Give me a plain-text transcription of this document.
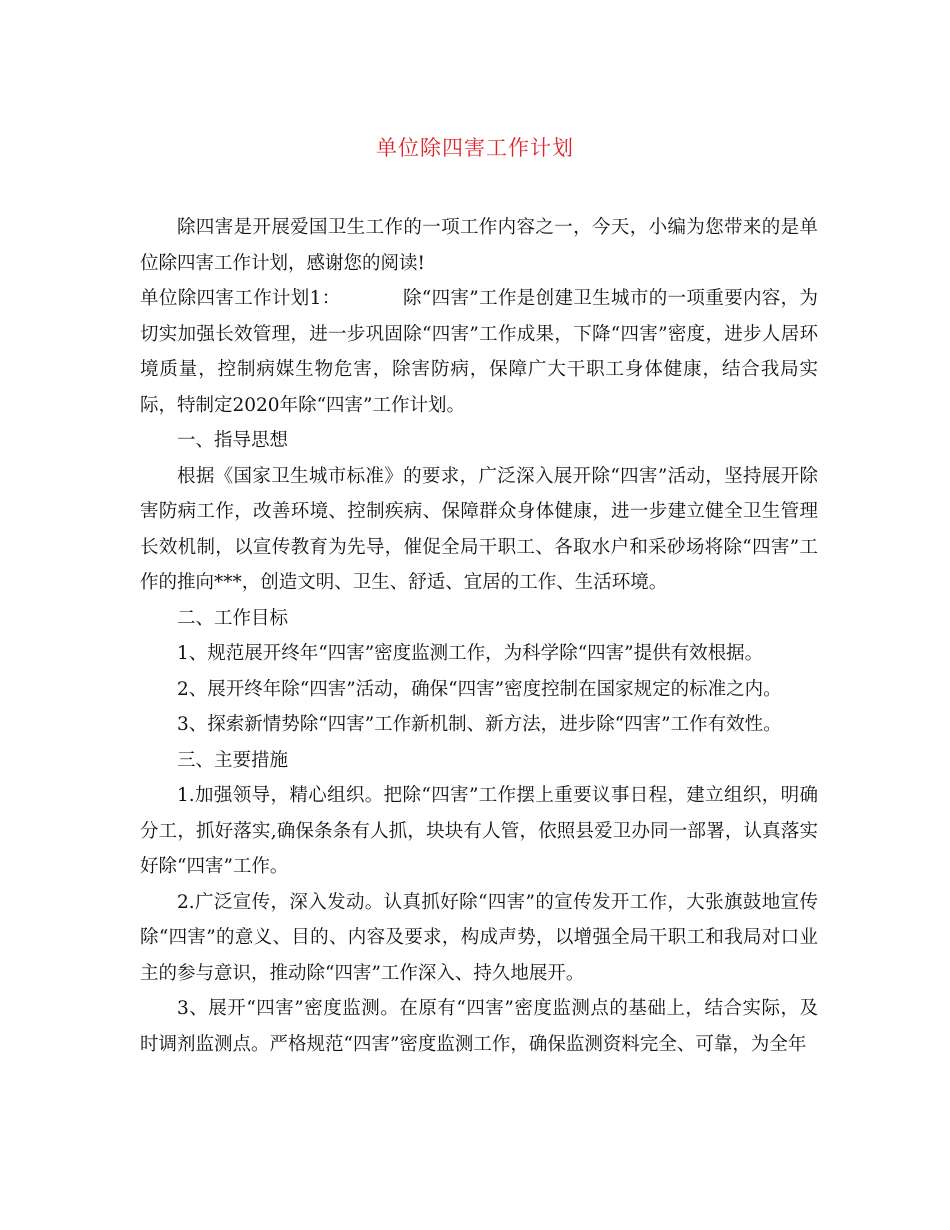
单位除四害工作计划

除四害是开展爱国卫生工作的一项工作内容之一，今天，小编为您带来的是单位除四害工作计划，感谢您的阅读!

单位除四害工作计划1：	除“四害”工作是创建卫生城市的一项重要内容，为切实加强长效管理，进一步巩固除“四害”工作成果，下降“四害”密度，进步人居环境质量，控制病媒生物危害，除害防病，保障广大干职工身体健康，结合我局实际，特制定2020年除“四害”工作计划。

一、指导思想

根据《国家卫生城市标准》的要求，广泛深入展开除“四害”活动，坚持展开除害防病工作，改善环境、控制疾病、保障群众身体健康，进一步建立健全卫生管理长效机制，以宣传教育为先导，催促全局干职工、各取水户和采砂场将除“四害”工作的推向***，创造文明、卫生、舒适、宜居的工作、生活环境。

二、工作目标

1、规范展开终年“四害”密度监测工作，为科学除“四害”提供有效根据。

2、展开终年除“四害”活动，确保“四害”密度控制在国家规定的标准之内。

3、探索新情势除“四害”工作新机制、新方法，进步除“四害”工作有效性。

三、主要措施

1.加强领导，精心组织。把除“四害”工作摆上重要议事日程，建立组织，明确分工，抓好落实,确保条条有人抓，块块有人管，依照县爱卫办同一部署，认真落实好除“四害”工作。

2.广泛宣传，深入发动。认真抓好除“四害”的宣传发开工作，大张旗鼓地宣传除“四害”的意义、目的、内容及要求，构成声势，以增强全局干职工和我局对口业主的参与意识，推动除“四害”工作深入、持久地展开。

3、展开“四害”密度监测。在原有“四害”密度监测点的基础上，结合实际，及时调剂监测点。严格规范“四害”密度监测工作，确保监测资料完全、可靠，为全年
